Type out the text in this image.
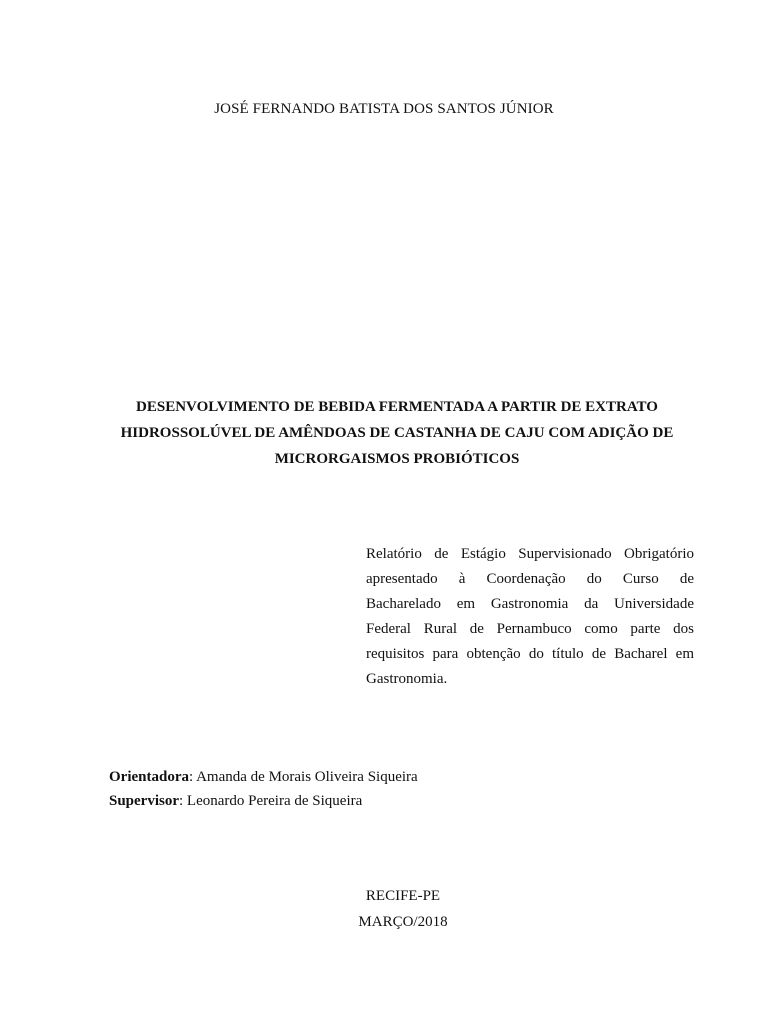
JOSÉ FERNANDO BATISTA DOS SANTOS JÚNIOR
DESENVOLVIMENTO DE BEBIDA FERMENTADA A PARTIR DE EXTRATO
HIDROSSOLÚVEL DE AMÊNDOAS DE CASTANHA DE CAJU COM ADIÇÃO DE
MICRORGAISMOS PROBIÓTICOS
Relatório de Estágio Supervisionado Obrigatório
apresentado à Coordenação do Curso de
Bacharelado em Gastronomia da Universidade
Federal Rural de Pernambuco como parte dos
requisitos para obtenção do título de Bacharel em
Gastronomia.
Orientadora: Amanda de Morais Oliveira Siqueira
Supervisor: Leonardo Pereira de Siqueira
RECIFE-PE
MARÇO/2018
